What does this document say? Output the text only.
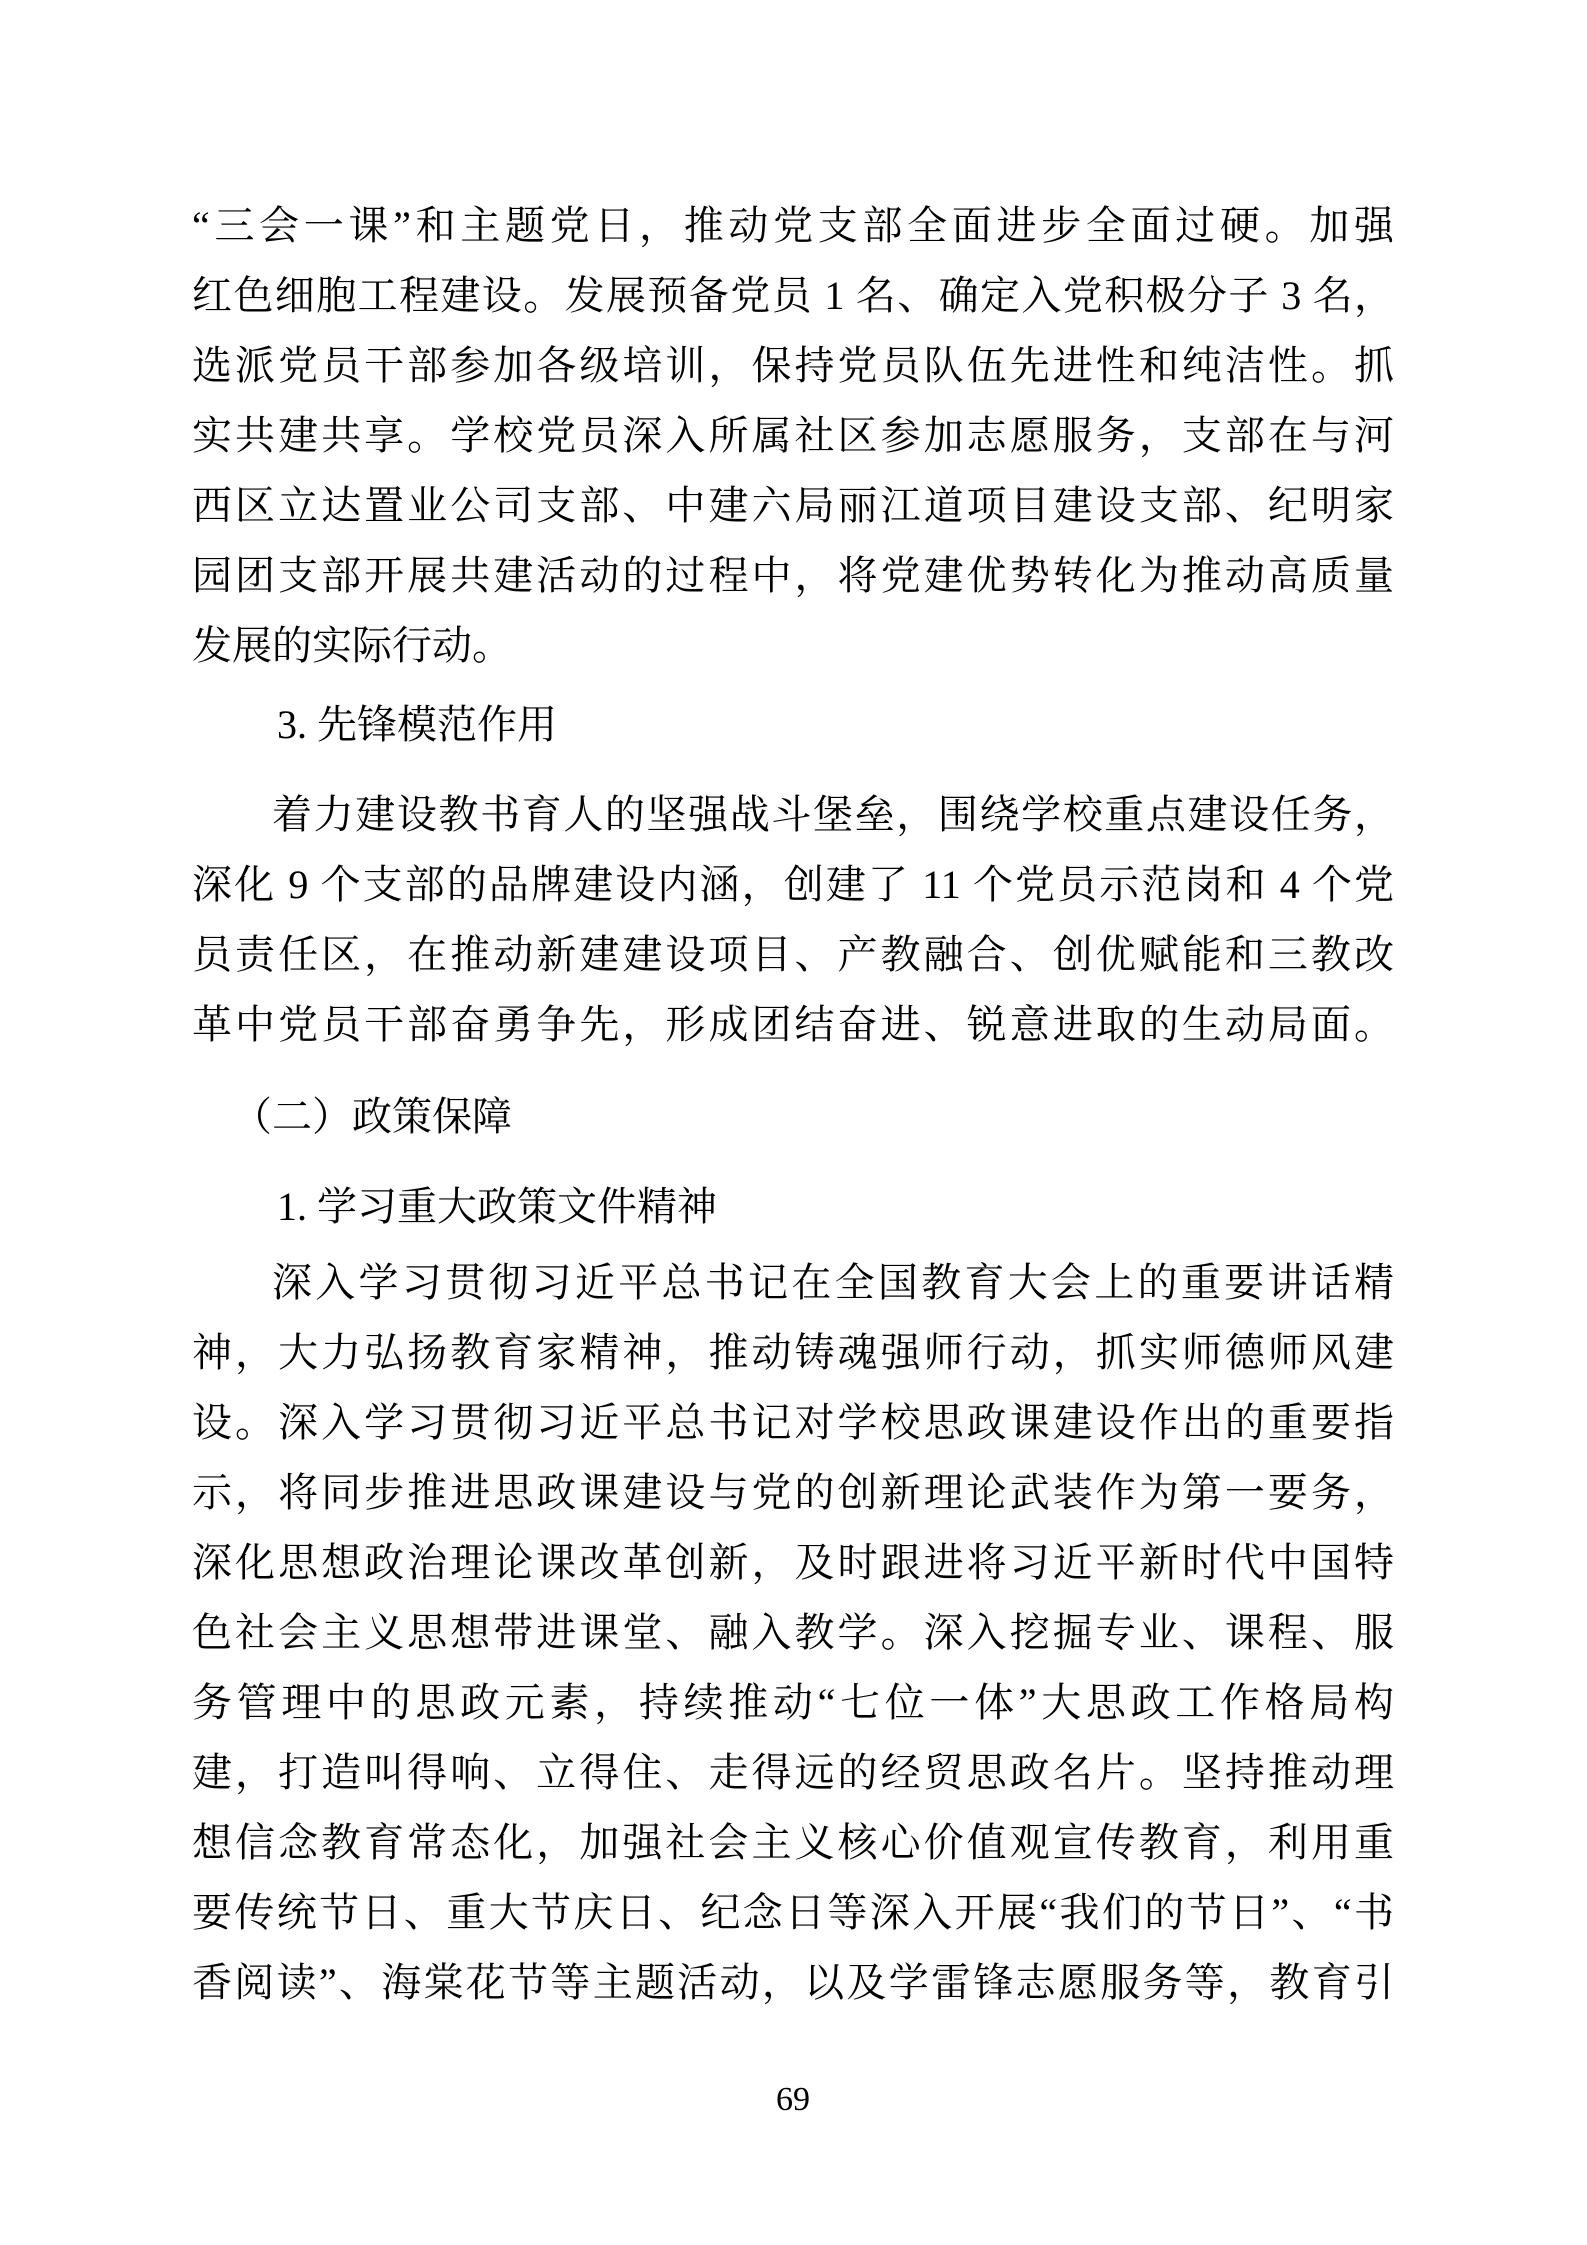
“三会一课”和主题党日，推动党支部全面进步全面过硬。加强
红色细胞工程建设。发展预备党员 1 名、确定入党积极分子 3 名，
选派党员干部参加各级培训，保持党员队伍先进性和纯洁性。抓
实共建共享。学校党员深入所属社区参加志愿服务，支部在与河
西区立达置业公司支部、中建六局丽江道项目建设支部、纪明家
园团支部开展共建活动的过程中，将党建优势转化为推动高质量
发展的实际行动。
3. 先锋模范作用
着力建设教书育人的坚强战斗堡垒，围绕学校重点建设任务，
深化 9 个支部的品牌建设内涵，创建了 11 个党员示范岗和 4 个党
员责任区，在推动新建建设项目、产教融合、创优赋能和三教改
革中党员干部奋勇争先，形成团结奋进、锐意进取的生动局面。
（二）政策保障
1. 学习重大政策文件精神
深入学习贯彻习近平总书记在全国教育大会上的重要讲话精
神，大力弘扬教育家精神，推动铸魂强师行动，抓实师德师风建
设。深入学习贯彻习近平总书记对学校思政课建设作出的重要指
示，将同步推进思政课建设与党的创新理论武装作为第一要务，
深化思想政治理论课改革创新，及时跟进将习近平新时代中国特
色社会主义思想带进课堂、融入教学。深入挖掘专业、课程、服
务管理中的思政元素，持续推动“七位一体”大思政工作格局构
建，打造叫得响、立得住、走得远的经贸思政名片。坚持推动理
想信念教育常态化，加强社会主义核心价值观宣传教育，利用重
要传统节日、重大节庆日、纪念日等深入开展“我们的节日”、“书
香阅读”、海棠花节等主题活动，以及学雷锋志愿服务等，教育引
69
